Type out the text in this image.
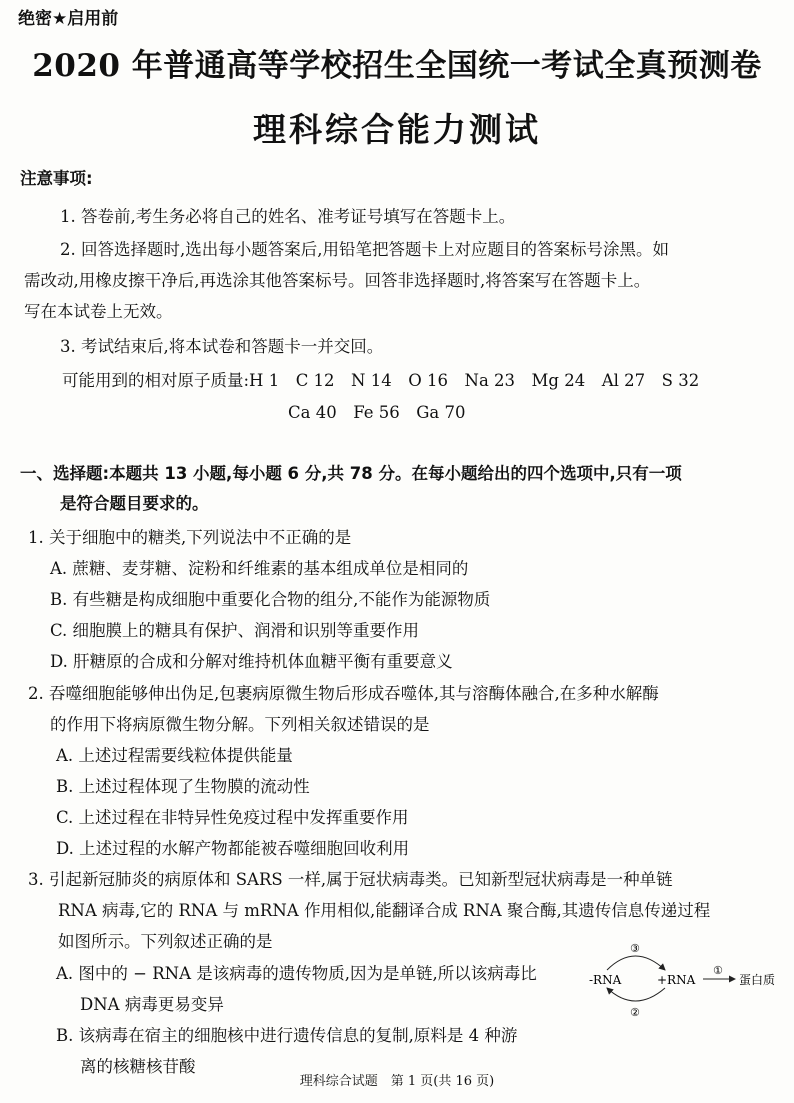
绝密★启用前
2020 年普通高等学校招生全国统一考试全真预测卷
理科综合能力测试
注意事项:
1. 答卷前,考生务必将自己的姓名、准考证号填写在答题卡上。
2. 回答选择题时,选出每小题答案后,用铅笔把答题卡上对应题目的答案标号涂黑。如
需改动,用橡皮擦干净后,再选涂其他答案标号。回答非选择题时,将答案写在答题卡上。
写在本试卷上无效。
3. 考试结束后,将本试卷和答题卡一并交回。
可能用到的相对原子质量:H 1　C 12　N 14　O 16　Na 23　Mg 24　Al 27　S 32
Ca 40　Fe 56　Ga 70
一、选择题:本题共 13 小题,每小题 6 分,共 78 分。在每小题给出的四个选项中,只有一项
是符合题目要求的。
1. 关于细胞中的糖类,下列说法中不正确的是
A. 蔗糖、麦芽糖、淀粉和纤维素的基本组成单位是相同的
B. 有些糖是构成细胞中重要化合物的组分,不能作为能源物质
C. 细胞膜上的糖具有保护、润滑和识别等重要作用
D. 肝糖原的合成和分解对维持机体血糖平衡有重要意义
2. 吞噬细胞能够伸出伪足,包裹病原微生物后形成吞噬体,其与溶酶体融合,在多种水解酶
的作用下将病原微生物分解。下列相关叙述错误的是
A. 上述过程需要线粒体提供能量
B. 上述过程体现了生物膜的流动性
C. 上述过程在非特异性免疫过程中发挥重要作用
D. 上述过程的水解产物都能被吞噬细胞回收利用
3. 引起新冠肺炎的病原体和 SARS 一样,属于冠状病毒类。已知新型冠状病毒是一种单链
RNA 病毒,它的 RNA 与 mRNA 作用相似,能翻译合成 RNA 聚合酶,其遗传信息传递过程
如图所示。下列叙述正确的是
A. 图中的 − RNA 是该病毒的遗传物质,因为是单链,所以该病毒比
DNA 病毒更易变异
B. 该病毒在宿主的细胞核中进行遗传信息的复制,原料是 4 种游
离的核糖核苷酸
-RNA	+RNA	蛋白质
③
②
①
理科综合试题　第 1 页(共 16 页)
